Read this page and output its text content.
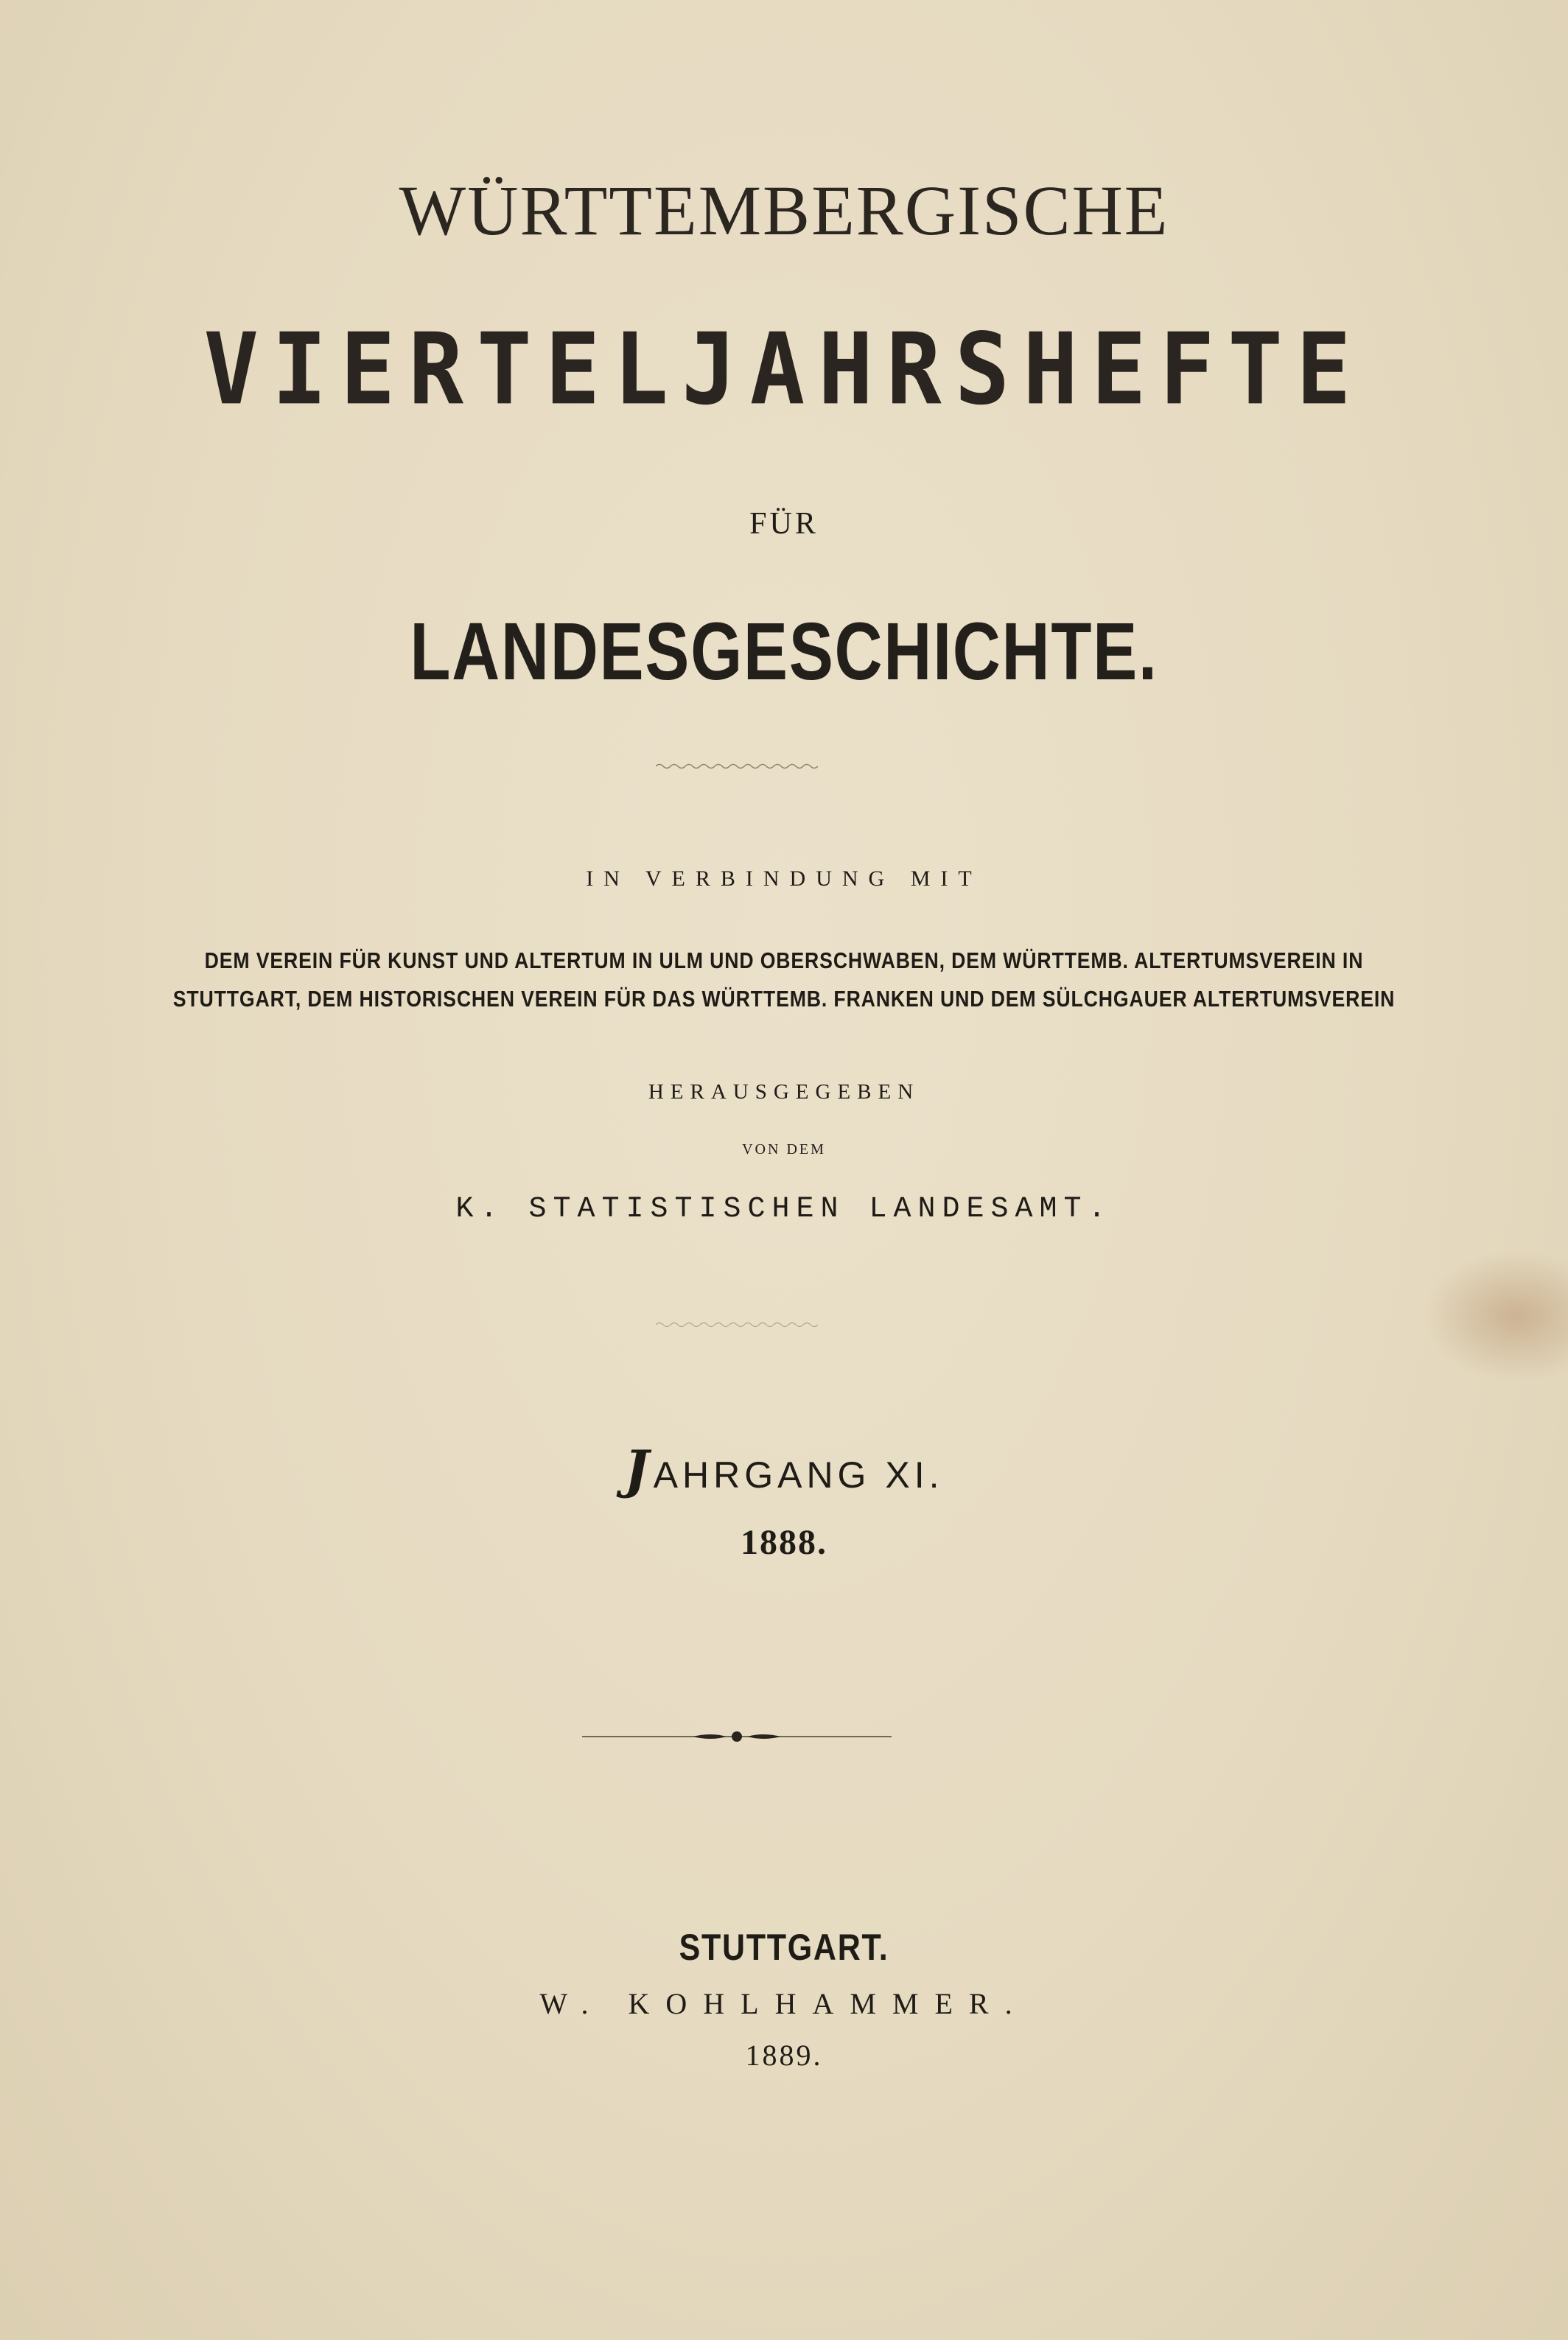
WÜRTTEMBERGISCHE
VIERTELJAHRSHEFTE
FÜR
LANDESGESCHICHTE.
IN VERBINDUNG MIT
DEM VEREIN FÜR KUNST UND ALTERTUM IN ULM UND OBERSCHWABEN, DEM WÜRTTEMB. ALTERTUMSVEREIN IN
STUTTGART, DEM HISTORISCHEN VEREIN FÜR DAS WÜRTTEMB. FRANKEN UND DEM SÜLCHGAUER ALTERTUMSVEREIN
HERAUSGEGEBEN
VON DEM
K. STATISTISCHEN LANDESAMT.
JAHRGANG XI.
1888.
STUTTGART.
W. KOHLHAMMER.
1889.
